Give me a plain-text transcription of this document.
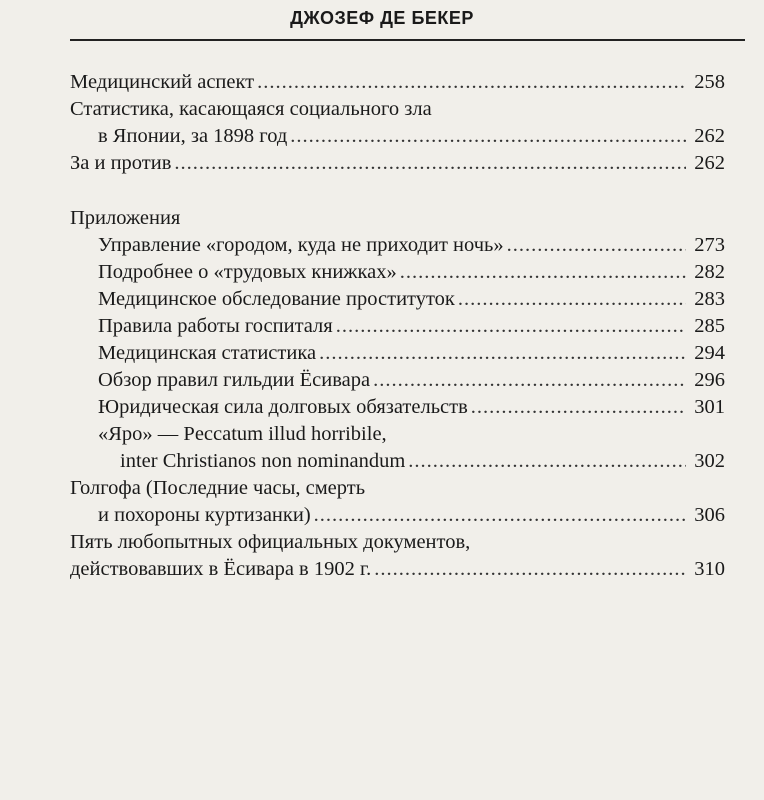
ДЖОЗЕФ ДЕ БЕКЕР
Медицинский аспект .....	258
Статистика, касающаяся социального зла
в Японии, за 1898 год .....	262
За и против .....	262
Приложения
Управление «городом, куда не приходит ночь» .....	273
Подробнее о «трудовых книжках» .....	282
Медицинское обследование проституток .....	283
Правила работы госпиталя .....	285
Медицинская статистика .....	294
Обзор правил гильдии Ёсивара .....	296
Юридическая сила долговых обязательств .....	301
«Яро» — Peccatum illud horribile,
inter Christianos non nominandum .....	302
Голгофа (Последние часы, смерть
и похороны куртизанки) .....	306
Пять любопытных официальных документов,
действовавших в Ёсивара в 1902 г. .....	310
